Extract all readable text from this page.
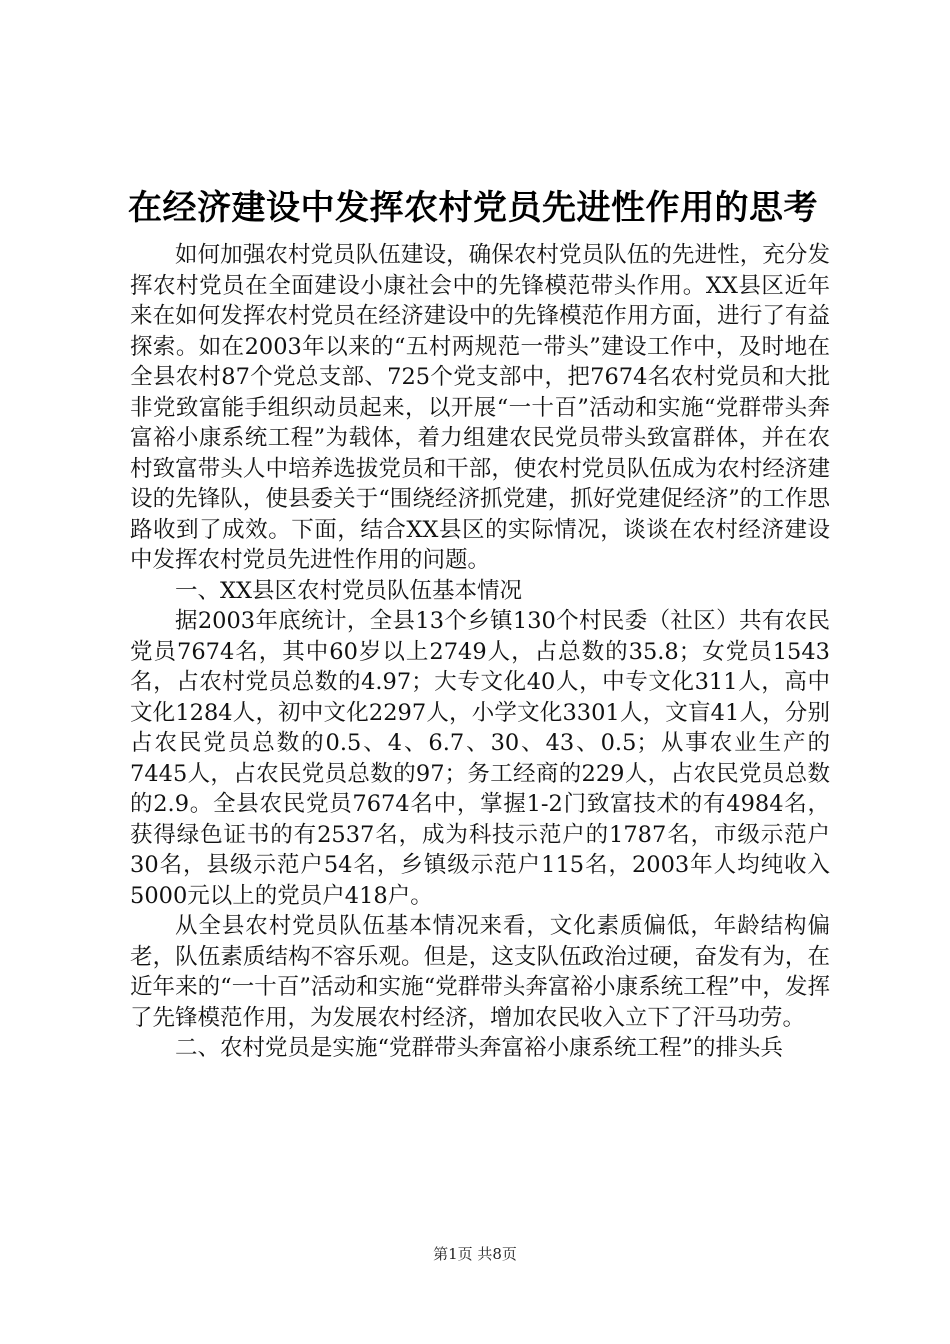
在经济建设中发挥农村党员先进性作用的思考

如何加强农村党员队伍建设，确保农村党员队伍的先进性，充分发挥农村党员在全面建设小康社会中的先锋模范带头作用。XX县区近年来在如何发挥农村党员在经济建设中的先锋模范作用方面，进行了有益探索。如在2003年以来的“五村两规范一带头”建设工作中，及时地在全县农村87个党总支部、725个党支部中，把7674名农村党员和大批非党致富能手组织动员起来，以开展“一十百”活动和实施“党群带头奔富裕小康系统工程”为载体，着力组建农民党员带头致富群体，并在农村致富带头人中培养选拔党员和干部，使农村党员队伍成为农村经济建设的先锋队，使县委关于“围绕经济抓党建，抓好党建促经济”的工作思路收到了成效。下面，结合XX县区的实际情况，谈谈在农村经济建设中发挥农村党员先进性作用的问题。

一、XX县区农村党员队伍基本情况

据2003年底统计，全县13个乡镇130个村民委（社区）共有农民党员7674名，其中60岁以上2749人，占总数的35.8；女党员1543名，占农村党员总数的4.97；大专文化40人，中专文化311人，高中文化1284人，初中文化2297人，小学文化3301人，文盲41人，分别占农民党员总数的0.5、4、6.7、30、43、0.5；从事农业生产的7445人，占农民党员总数的97；务工经商的229人，占农民党员总数的2.9。全县农民党员7674名中，掌握1-2门致富技术的有4984名，获得绿色证书的有2537名，成为科技示范户的1787名，市级示范户30名，县级示范户54名，乡镇级示范户115名，2003年人均纯收入5000元以上的党员户418户。

从全县农村党员队伍基本情况来看，文化素质偏低，年龄结构偏老，队伍素质结构不容乐观。但是，这支队伍政治过硬，奋发有为，在近年来的“一十百”活动和实施“党群带头奔富裕小康系统工程”中，发挥了先锋模范作用，为发展农村经济，增加农民收入立下了汗马功劳。

二、农村党员是实施“党群带头奔富裕小康系统工程”的排头兵

第1页 共8页
